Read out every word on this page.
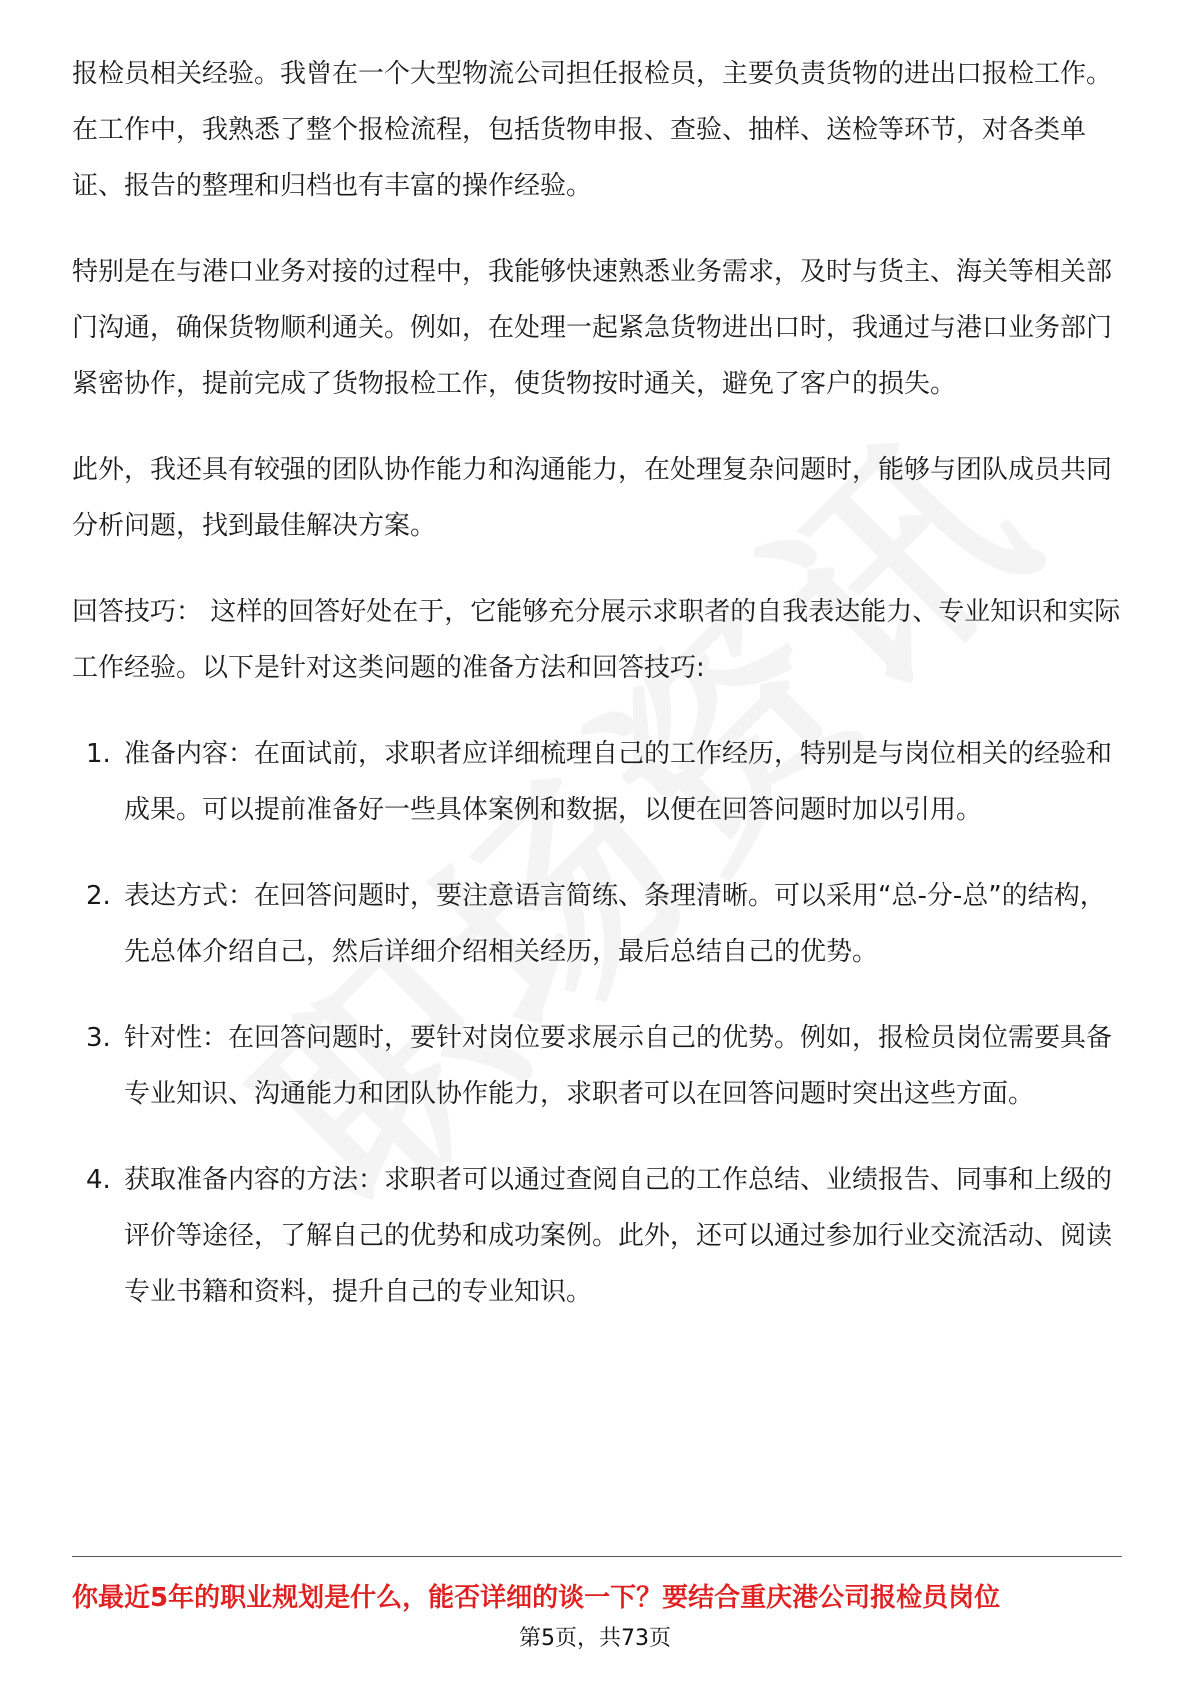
报检员相关经验。我曾在一个大型物流公司担任报检员，主要负责货物的进出口报检工作。在工作中，我熟悉了整个报检流程，包括货物申报、查验、抽样、送检等环节，对各类单证、报告的整理和归档也有丰富的操作经验。

特别是在与港口业务对接的过程中，我能够快速熟悉业务需求，及时与货主、海关等相关部门沟通，确保货物顺利通关。例如，在处理一起紧急货物进出口时，我通过与港口业务部门紧密协作，提前完成了货物报检工作，使货物按时通关，避免了客户的损失。

此外，我还具有较强的团队协作能力和沟通能力，在处理复杂问题时，能够与团队成员共同分析问题，找到最佳解决方案。

回答技巧： 这样的回答好处在于，它能够充分展示求职者的自我表达能力、专业知识和实际工作经验。以下是针对这类问题的准备方法和回答技巧:

1. 准备内容：在面试前，求职者应详细梳理自己的工作经历，特别是与岗位相关的经验和成果。可以提前准备好一些具体案例和数据，以便在回答问题时加以引用。
2. 表达方式：在回答问题时，要注意语言简练、条理清晰。可以采用“总-分-总”的结构，先总体介绍自己，然后详细介绍相关经历，最后总结自己的优势。
3. 针对性：在回答问题时，要针对岗位要求展示自己的优势。例如，报检员岗位需要具备专业知识、沟通能力和团队协作能力，求职者可以在回答问题时突出这些方面。
4. 获取准备内容的方法：求职者可以通过查阅自己的工作总结、业绩报告、同事和上级的评价等途径，了解自己的优势和成功案例。此外，还可以通过参加行业交流活动、阅读专业书籍和资料，提升自己的专业知识。
你最近5年的职业规划是什么，能否详细的谈一下？要结合重庆港公司报检员岗位
第5页，共73页
